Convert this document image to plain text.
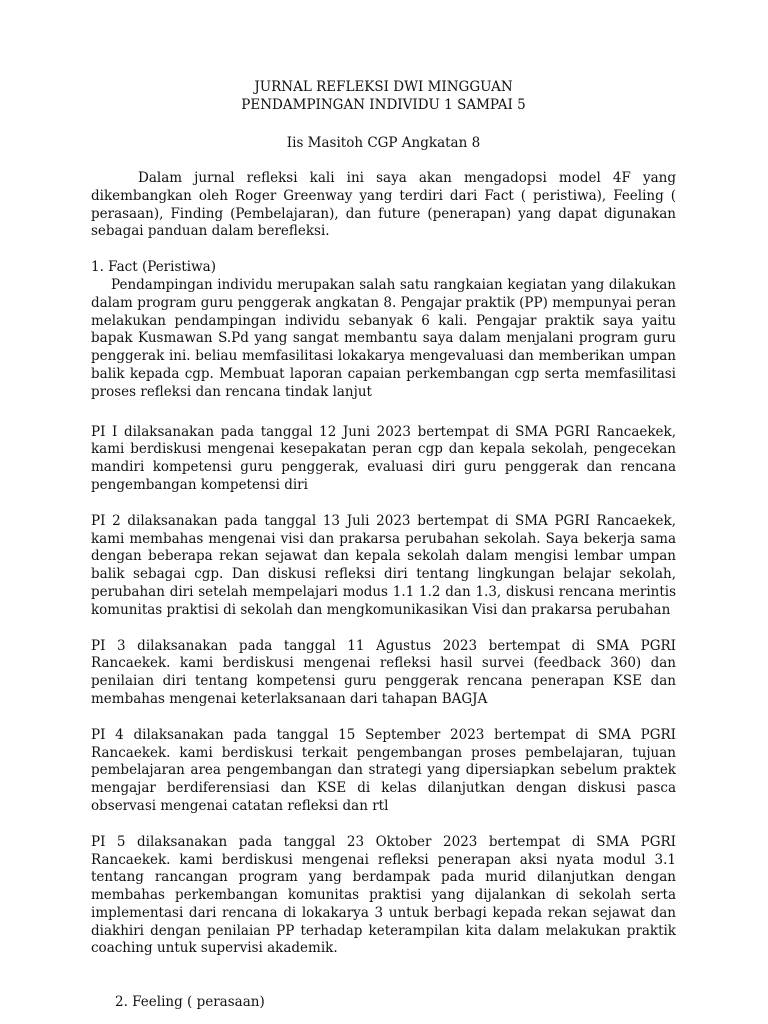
JURNAL REFLEKSI DWI MINGGUAN

PENDAMPINGAN INDIVIDU 1 SAMPAI 5

Iis Masitoh CGP Angkatan 8

Dalam jurnal refleksi kali ini saya akan mengadopsi model 4F yang dikembangkan oleh Roger Greenway yang terdiri dari Fact ( peristiwa), Feeling ( perasaan), Finding (Pembelajaran), dan future (penerapan) yang dapat digunakan sebagai panduan dalam berefleksi.

1. Fact (Peristiwa)

Pendampingan individu merupakan salah satu rangkaian kegiatan yang dilakukan dalam program guru penggerak angkatan 8. Pengajar praktik (PP) mempunyai peran melakukan pendampingan individu sebanyak 6 kali. Pengajar praktik saya yaitu bapak Kusmawan S.Pd yang sangat membantu saya dalam menjalani program guru penggerak ini. beliau memfasilitasi lokakarya mengevaluasi dan memberikan umpan balik kepada cgp. Membuat laporan capaian perkembangan cgp serta memfasilitasi proses refleksi dan rencana tindak lanjut

PI I dilaksanakan pada tanggal 12 Juni 2023 bertempat di SMA PGRI Rancaekek, kami berdiskusi mengenai kesepakatan peran cgp dan kepala sekolah, pengecekan mandiri kompetensi guru penggerak, evaluasi diri guru penggerak dan rencana pengembangan kompetensi diri

PI 2 dilaksanakan pada tanggal 13 Juli 2023 bertempat di SMA PGRI Rancaekek, kami membahas mengenai visi dan prakarsa perubahan sekolah. Saya bekerja sama dengan beberapa rekan sejawat dan kepala sekolah dalam mengisi lembar umpan balik sebagai cgp. Dan diskusi refleksi diri tentang lingkungan belajar sekolah, perubahan diri setelah mempelajari modus 1.1 1.2 dan 1.3, diskusi rencana merintis komunitas praktisi di sekolah dan mengkomunikasikan Visi dan prakarsa perubahan

PI 3 dilaksanakan pada tanggal 11 Agustus 2023 bertempat di SMA PGRI Rancaekek. kami berdiskusi mengenai refleksi hasil survei (feedback 360) dan penilaian diri tentang kompetensi guru penggerak rencana penerapan KSE dan membahas mengenai keterlaksanaan dari tahapan BAGJA

PI 4 dilaksanakan pada tanggal 15 September 2023 bertempat di SMA PGRI Rancaekek. kami berdiskusi terkait pengembangan proses pembelajaran, tujuan pembelajaran area pengembangan dan strategi yang dipersiapkan sebelum praktek mengajar berdiferensiasi dan KSE di kelas dilanjutkan dengan diskusi pasca observasi mengenai catatan refleksi dan rtl

PI 5 dilaksanakan pada tanggal 23 Oktober 2023 bertempat di SMA PGRI Rancaekek. kami berdiskusi mengenai refleksi penerapan aksi nyata modul 3.1 tentang rancangan program yang berdampak pada murid dilanjutkan dengan membahas perkembangan komunitas praktisi yang dijalankan di sekolah serta implementasi dari rencana di lokakarya 3 untuk berbagi kepada rekan sejawat dan diakhiri dengan penilaian PP terhadap keterampilan kita dalam melakukan praktik coaching untuk supervisi akademik.

2. Feeling ( perasaan)
